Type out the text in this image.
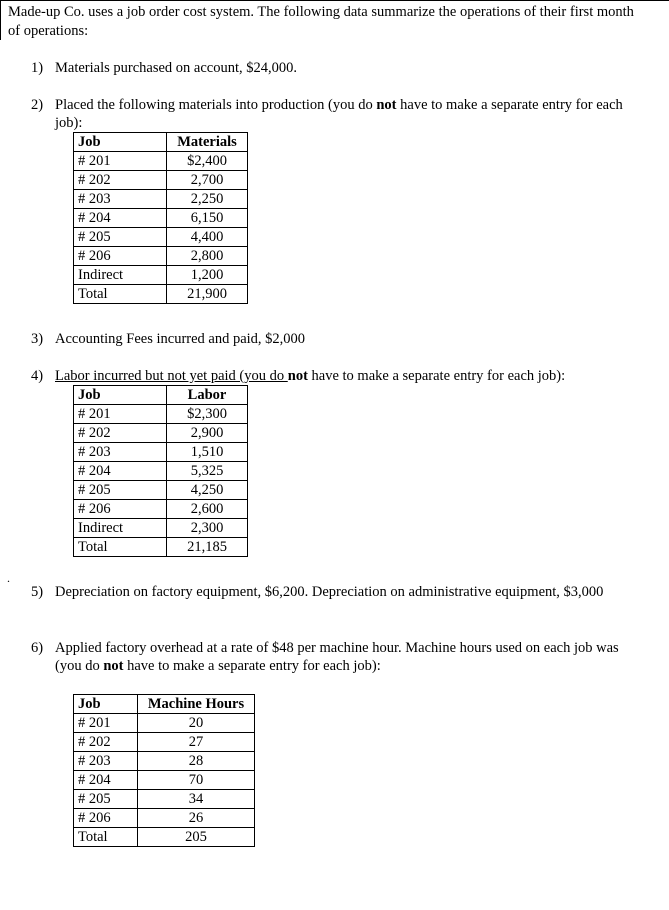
Made-up Co. uses a job order cost system. The following data summarize the operations of their first month of operations:
1) Materials purchased on account, $24,000.
2) Placed the following materials into production (you do not have to make a separate entry for each job):
Job	Materials
# 201	$2,400
# 202	2,700
# 203	2,250
# 204	6,150
# 205	4,400
# 206	2,800
Indirect	1,200
Total	21,900
3) Accounting Fees incurred and paid, $2,000
4) Labor incurred but not yet paid (you do not have to make a separate entry for each job):
Job	Labor
# 201	$2,300
# 202	2,900
# 203	1,510
# 204	5,325
# 205	4,250
# 206	2,600
Indirect	2,300
Total	21,185
.
5) Depreciation on factory equipment, $6,200. Depreciation on administrative equipment, $3,000
6) Applied factory overhead at a rate of $48 per machine hour. Machine hours used on each job was (you do not have to make a separate entry for each job):
Job	Machine Hours
# 201	20
# 202	27
# 203	28
# 204	70
# 205	34
# 206	26
Total	205
